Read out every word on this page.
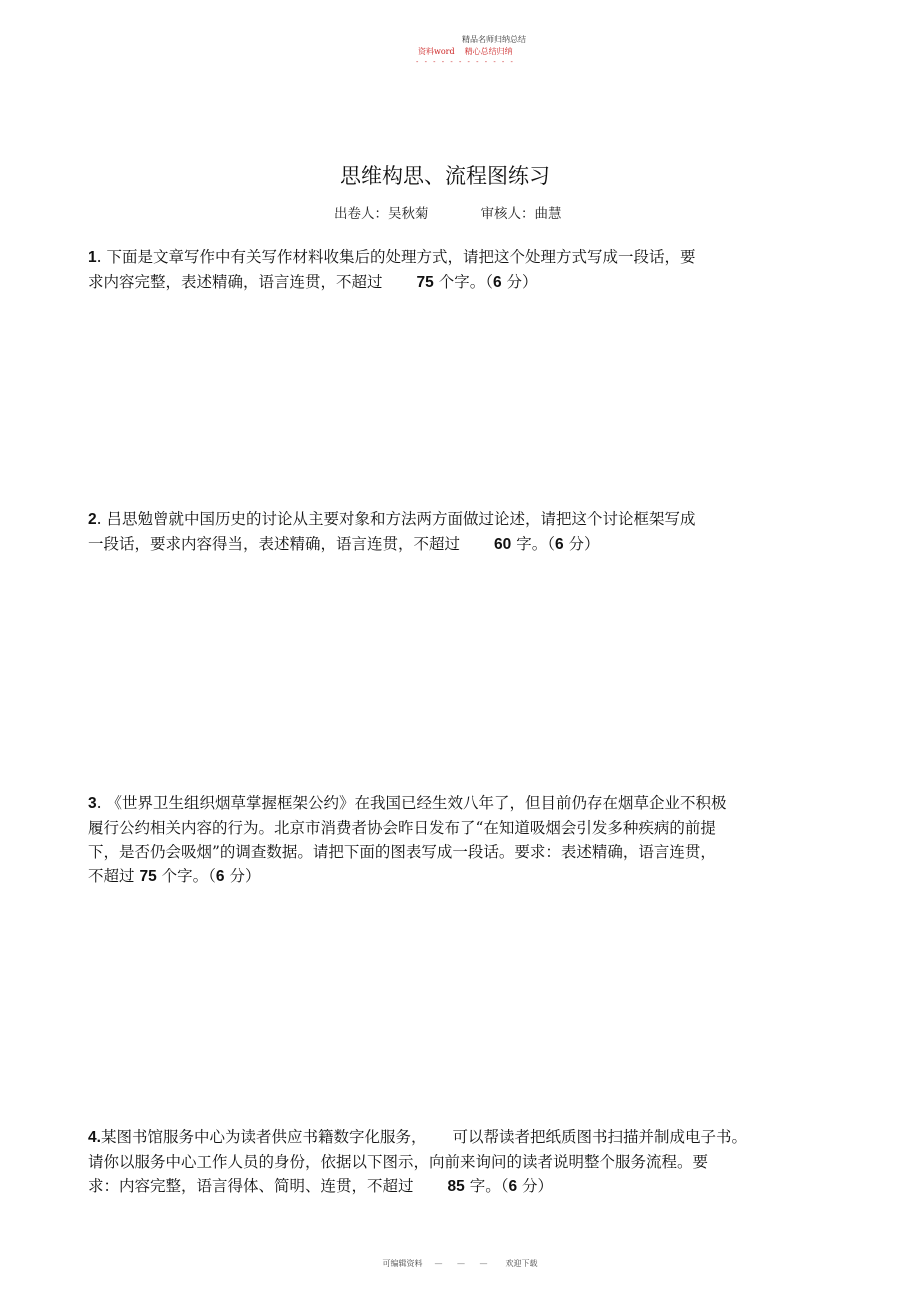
精品名师归纳总结
资料word 精心总结归纳
- - - - - - - - - - - -
思维构思、流程图练习
出卷人：吴秋菊	审核人：曲慧

1. 下面是文章写作中有关写作材料收集后的处理方式，请把这个处理方式写成一段话，要

求内容完整，表述精确，语言连贯，不超过 75 个字。（6 分）

2. 吕思勉曾就中国历史的讨论从主要对象和方法两方面做过论述，请把这个讨论框架写成

一段话，要求内容得当，表述精确，语言连贯，不超过 60 字。（6 分）

3. 《世界卫生组织烟草掌握框架公约》在我国已经生效八年了，但目前仍存在烟草企业不积极

履行公约相关内容的行为。北京市消费者协会昨日发布了“在知道吸烟会引发多种疾病的前提

下，是否仍会吸烟”的调查数据。请把下面的图表写成一段话。要求：表述精确，语言连贯，

不超过 75 个字。（6 分）

4.某图书馆服务中心为读者供应书籍数字化服务， 可以帮读者把纸质图书扫描并制成电子书。

请你以服务中心工作人员的身份，依据以下图示，向前来询问的读者说明整个服务流程。要

求：内容完整，语言得体、简明、连贯，不超过 85 字。（6 分）

可编辑资料 — — — 欢迎下载
